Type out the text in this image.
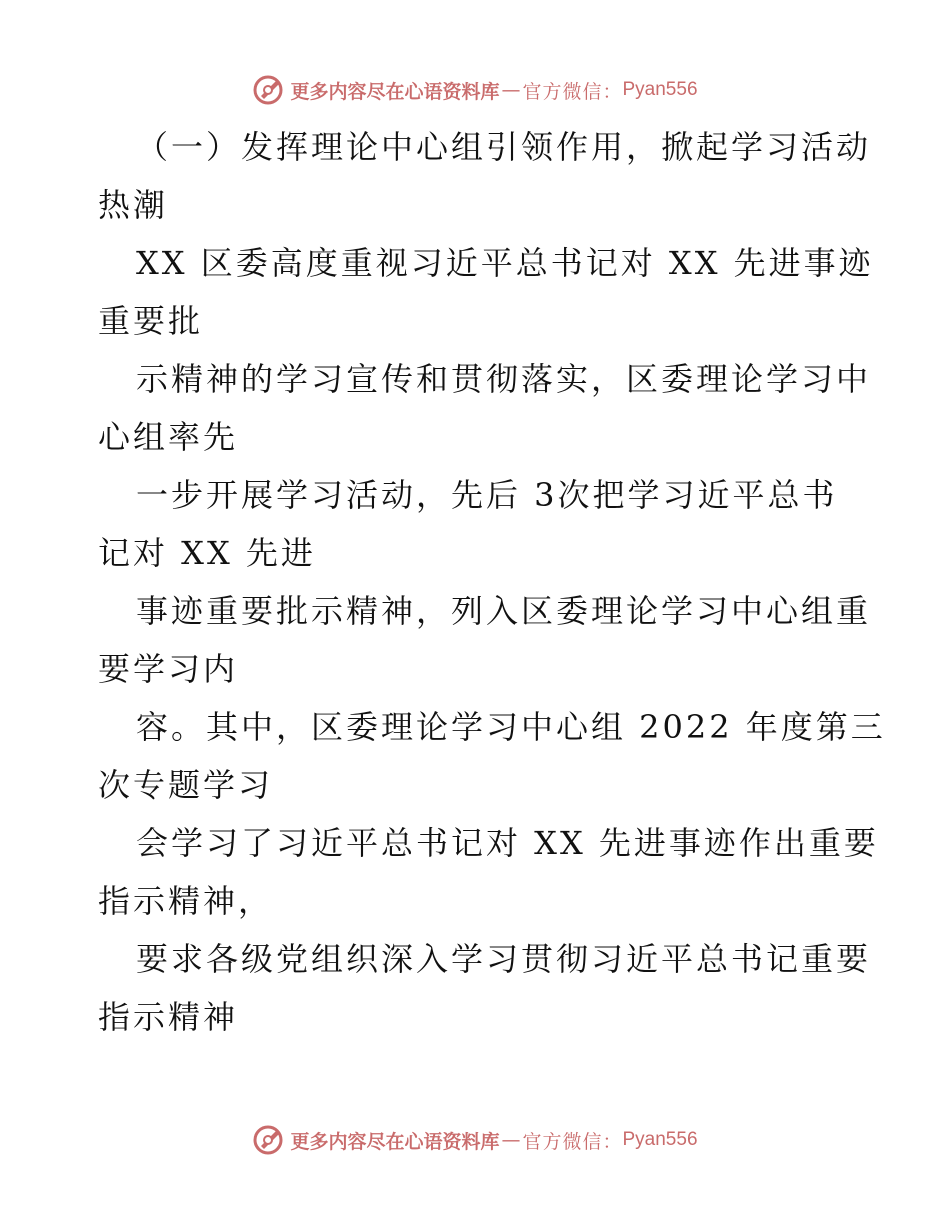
更多内容尽在心语资料库 — 官方微信： Pyan556
（一）发挥理论中心组引领作用，掀起学习活动
热潮
XX 区委高度重视习近平总书记对 XX 先进事迹
重要批
示精神的学习宣传和贯彻落实，区委理论学习中
心组率先
一步开展学习活动，先后 3次把学习近平总书
记对 XX 先进
事迹重要批示精神，列入区委理论学习中心组重
要学习内
容。其中，区委理论学习中心组 2022 年度第三
次专题学习
会学习了习近平总书记对 XX 先进事迹作出重要
指示精神，
要求各级党组织深入学习贯彻习近平总书记重要
指示精神
更多内容尽在心语资料库 — 官方微信： Pyan556
